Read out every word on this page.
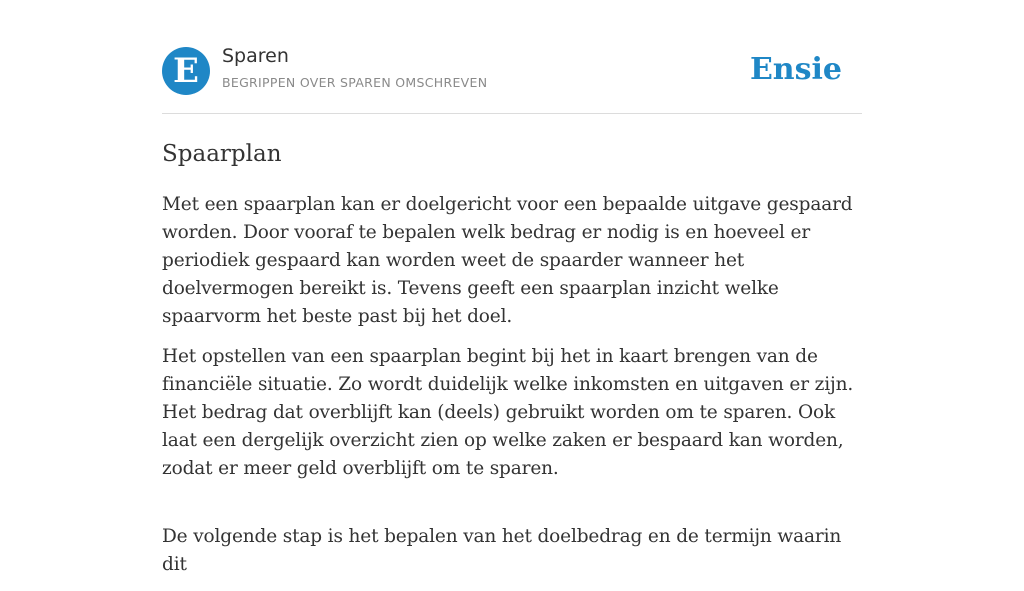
E	Sparen
BEGRIPPEN OVER SPAREN OMSCHREVEN	Ensie
Spaarplan

Met een spaarplan kan er doelgericht voor een bepaalde uitgave gespaard worden. Door vooraf te bepalen welk bedrag er nodig is en hoeveel er periodiek gespaard kan worden weet de spaarder wanneer het doelvermogen bereikt is. Tevens geeft een spaarplan inzicht welke spaarvorm het beste past bij het doel.

Het opstellen van een spaarplan begint bij het in kaart brengen van de financiële situatie. Zo wordt duidelijk welke inkomsten en uitgaven er zijn. Het bedrag dat overblijft kan (deels) gebruikt worden om te sparen. Ook laat een dergelijk overzicht zien op welke zaken er bespaard kan worden, zodat er meer geld overblijft om te sparen.

De volgende stap is het bepalen van het doelbedrag en de termijn waarin dit
